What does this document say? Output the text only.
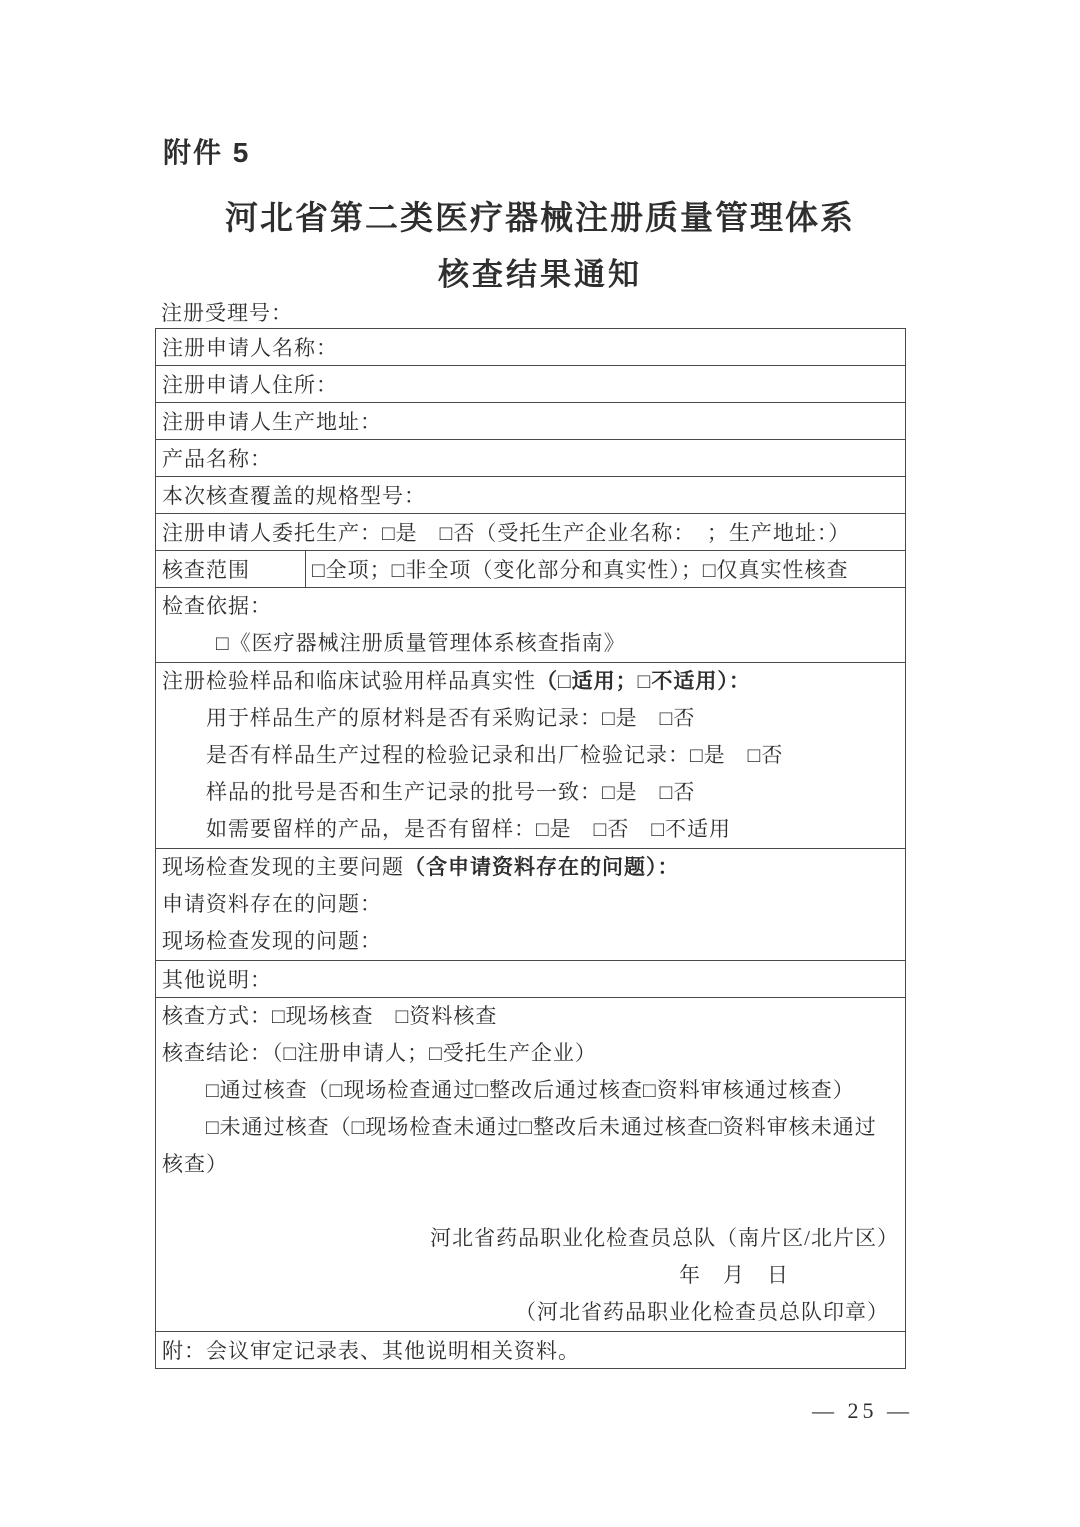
附件 5
河北省第二类医疗器械注册质量管理体系
核查结果通知
注册受理号：
注册申请人名称：
注册申请人住所：
注册申请人生产地址：
产品名称：
本次核查覆盖的规格型号：
注册申请人委托生产：□是　□否（受托生产企业名称：　；生产地址：）
核查范围	□全项；□非全项（变化部分和真实性）；□仅真实性核查

检查依据：
□《医疗器械注册质量管理体系核查指南》

注册检验样品和临床试验用样品真实性（□适用；□不适用）：
用于样品生产的原材料是否有采购记录：□是　□否
是否有样品生产过程的检验记录和出厂检验记录：□是　□否
样品的批号是否和生产记录的批号一致：□是　□否
如需要留样的产品，是否有留样：□是　□否　□不适用

现场检查发现的主要问题（含申请资料存在的问题）：
申请资料存在的问题：
现场检查发现的问题：

其他说明：

核查方式：□现场核查　□资料核查
核查结论：（□注册申请人；□受托生产企业）
□通过核查（□现场检查通过□整改后通过核查□资料审核通过核查）
□未通过核查（□现场检查未通过□整改后未通过核查□资料审核未通过
核查）
河北省药品职业化检查员总队（南片区/北片区）
年　月　日
（河北省药品职业化检查员总队印章）

附：会议审定记录表、其他说明相关资料。
— 25 —
